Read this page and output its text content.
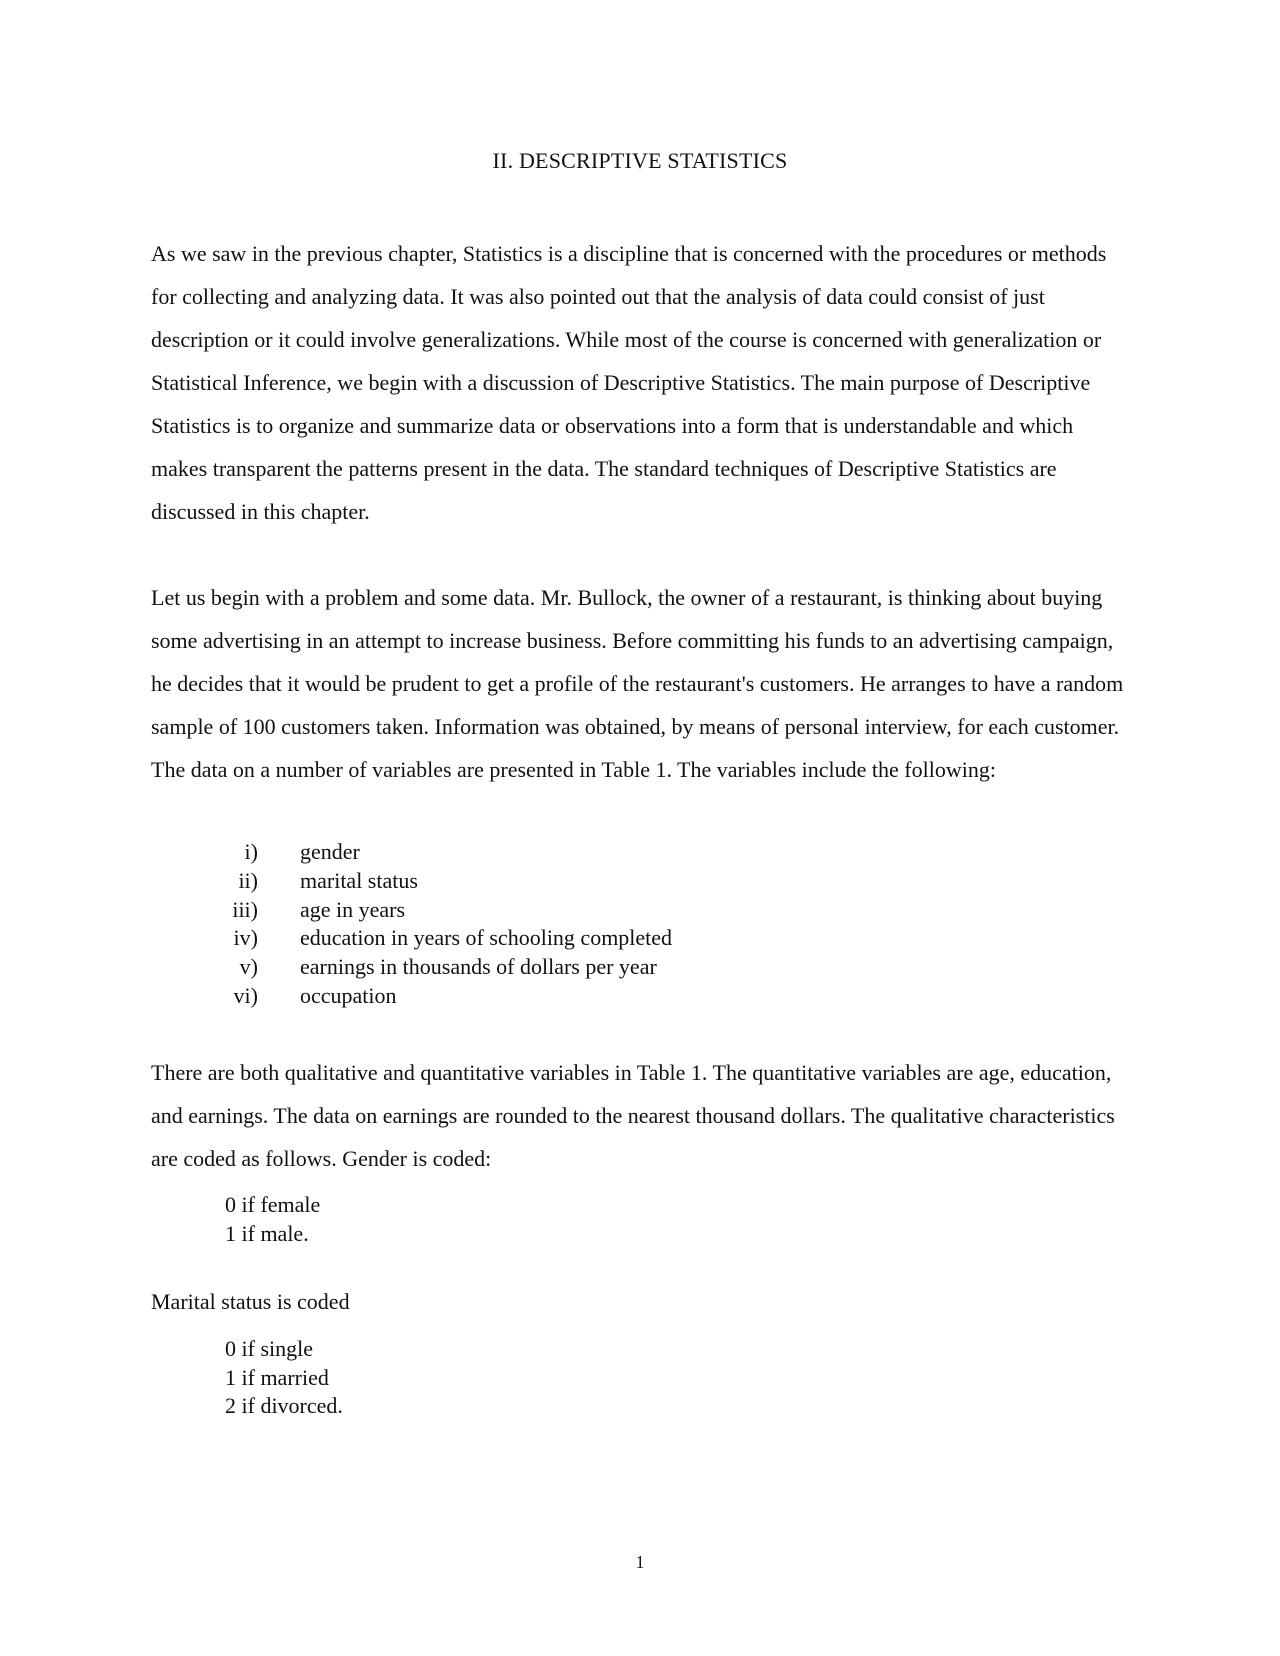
II. DESCRIPTIVE STATISTICS

As we saw in the previous chapter, Statistics is a discipline that is concerned with the procedures or methods for collecting and analyzing data. It was also pointed out that the analysis of data could consist of just description or it could involve generalizations. While most of the course is concerned with generalization or Statistical Inference, we begin with a discussion of Descriptive Statistics. The main purpose of Descriptive Statistics is to organize and summarize data or observations into a form that is understandable and which makes transparent the patterns present in the data. The standard techniques of Descriptive Statistics are discussed in this chapter.

Let us begin with a problem and some data. Mr. Bullock, the owner of a restaurant, is thinking about buying some advertising in an attempt to increase business. Before committing his funds to an advertising campaign, he decides that it would be prudent to get a profile of the restaurant's customers. He arranges to have a random sample of 100 customers taken. Information was obtained, by means of personal interview, for each customer. The data on a number of variables are presented in Table 1. The variables include the following:

i) gender
ii) marital status
iii) age in years
iv) education in years of schooling completed
v) earnings in thousands of dollars per year
vi) occupation

There are both qualitative and quantitative variables in Table 1. The quantitative variables are age, education, and earnings. The data on earnings are rounded to the nearest thousand dollars. The qualitative characteristics are coded as follows. Gender is coded:

0 if female
1 if male.

Marital status is coded

0 if single
1 if married
2 if divorced.

1
